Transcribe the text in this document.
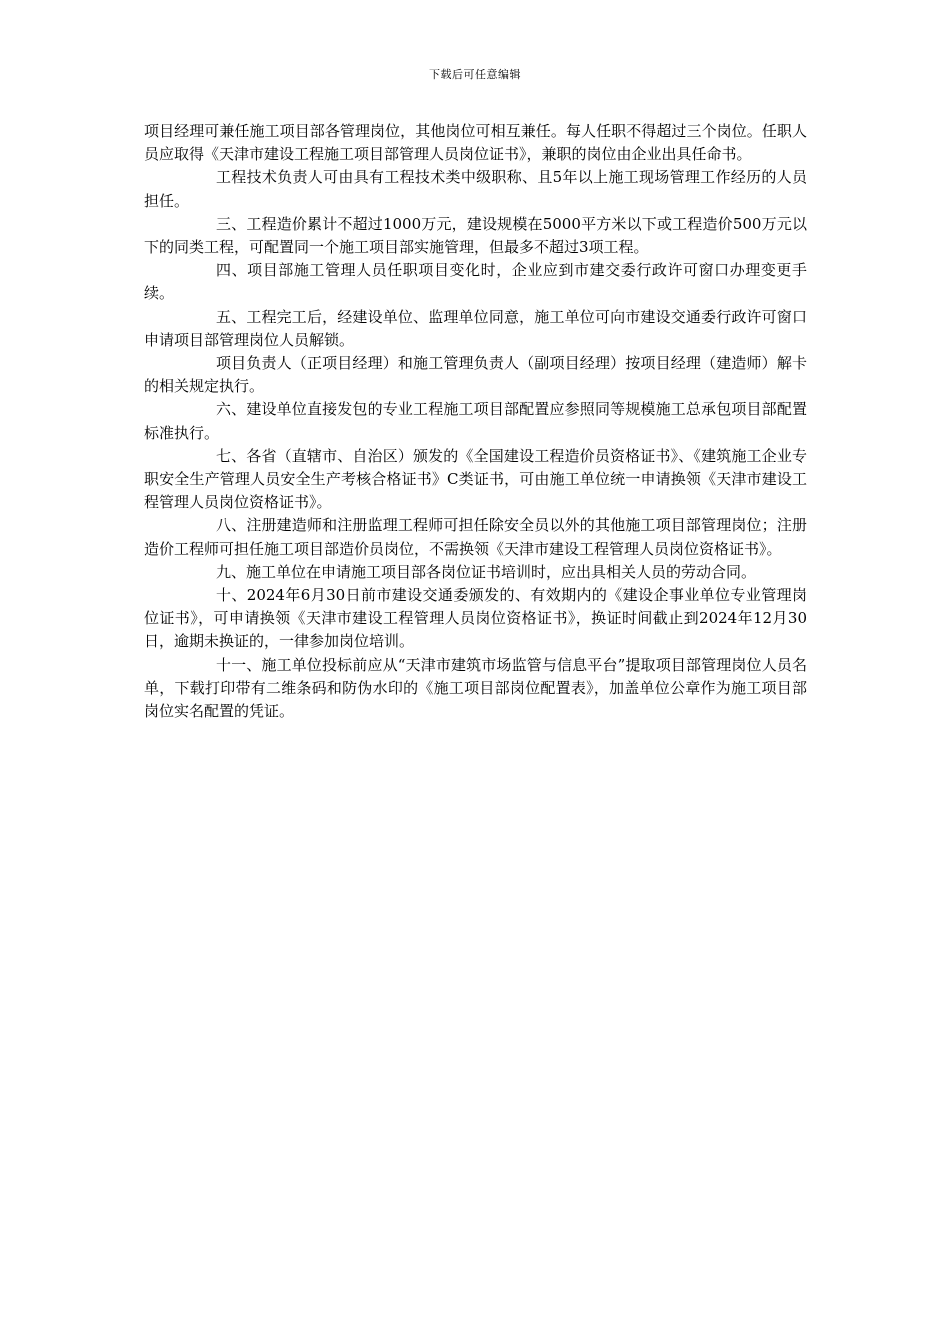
下载后可任意编辑

项目经理可兼任施工项目部各管理岗位，其他岗位可相互兼任。每人任职不得超过三个岗位。任职人员应取得《天津市建设工程施工项目部管理人员岗位证书》，兼职的岗位由企业出具任命书。

工程技术负责人可由具有工程技术类中级职称、且5年以上施工现场管理工作经历的人员担任。

三、工程造价累计不超过1000万元，建设规模在5000平方米以下或工程造价500万元以下的同类工程，可配置同一个施工项目部实施管理，但最多不超过3项工程。

四、项目部施工管理人员任职项目变化时，企业应到市建交委行政许可窗口办理变更手续。

五、工程完工后，经建设单位、监理单位同意，施工单位可向市建设交通委行政许可窗口申请项目部管理岗位人员解锁。

项目负责人（正项目经理）和施工管理负责人（副项目经理）按项目经理（建造师）解卡的相关规定执行。

六、建设单位直接发包的专业工程施工项目部配置应参照同等规模施工总承包项目部配置标准执行。

七、各省（直辖市、自治区）颁发的《全国建设工程造价员资格证书》、《建筑施工企业专职安全生产管理人员安全生产考核合格证书》C类证书，可由施工单位统一申请换领《天津市建设工程管理人员岗位资格证书》。

八、注册建造师和注册监理工程师可担任除安全员以外的其他施工项目部管理岗位；注册造价工程师可担任施工项目部造价员岗位，不需换领《天津市建设工程管理人员岗位资格证书》。

九、施工单位在申请施工项目部各岗位证书培训时，应出具相关人员的劳动合同。

十、2024年6月30日前市建设交通委颁发的、有效期内的《建设企事业单位专业管理岗位证书》，可申请换领《天津市建设工程管理人员岗位资格证书》，换证时间截止到2024年12月30日，逾期未换证的，一律参加岗位培训。

十一、施工单位投标前应从“天津市建筑市场监管与信息平台”提取项目部管理岗位人员名单，下载打印带有二维条码和防伪水印的《施工项目部岗位配置表》，加盖单位公章作为施工项目部岗位实名配置的凭证。
